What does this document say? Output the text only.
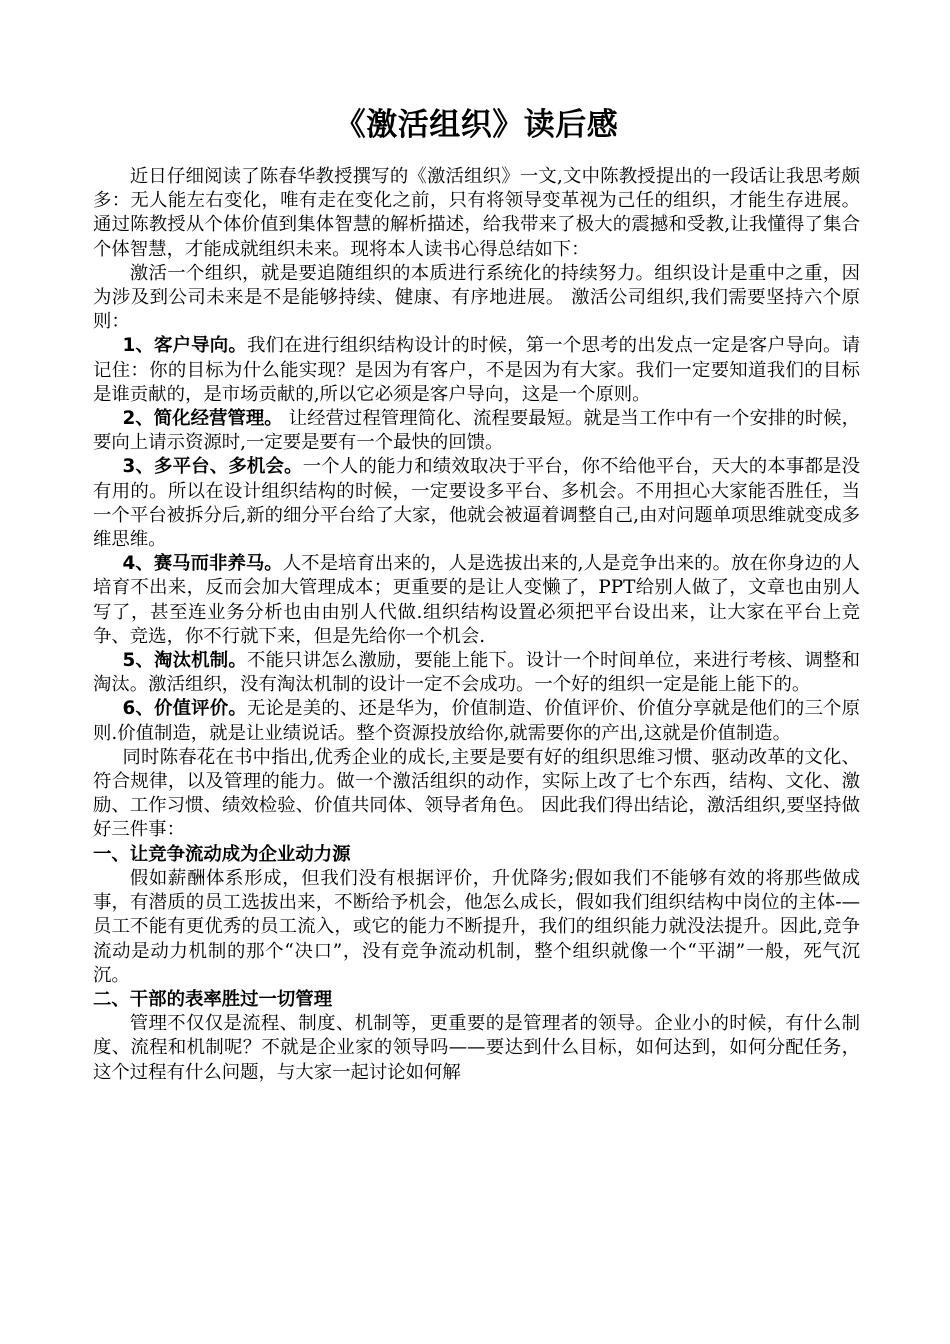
《激活组织》读后感

近日仔细阅读了陈春华教授撰写的《激活组织》一文,文中陈教授提出的一段话让我思考颇多：无人能左右变化，唯有走在变化之前，只有将领导变革视为己任的组织，才能生存进展。通过陈教授从个体价值到集体智慧的解析描述，给我带来了极大的震撼和受教,让我懂得了集合个体智慧，才能成就组织未来。现将本人读书心得总结如下：

激活一个组织，就是要追随组织的本质进行系统化的持续努力。组织设计是重中之重，因为涉及到公司未来是不是能够持续、健康、有序地进展。 激活公司组织,我们需要坚持六个原则：

1、客户导向。我们在进行组织结构设计的时候，第一个思考的出发点一定是客户导向。请记住：你的目标为什么能实现？是因为有客户，不是因为有大家。我们一定要知道我们的目标是谁贡献的，是市场贡献的,所以它必须是客户导向，这是一个原则。

2、简化经营管理。 让经营过程管理简化、流程要最短。就是当工作中有一个安排的时候，要向上请示资源时,一定要是要有一个最快的回馈。

3、多平台、多机会。一个人的能力和绩效取决于平台，你不给他平台，天大的本事都是没有用的。所以在设计组织结构的时候，一定要设多平台、多机会。不用担心大家能否胜任，当一个平台被拆分后,新的细分平台给了大家，他就会被逼着调整自己,由对问题单项思维就变成多维思维。

4、赛马而非养马。人不是培育出来的，人是选拔出来的,人是竞争出来的。放在你身边的人培育不出来，反而会加大管理成本；更重要的是让人变懒了，PPT给别人做了，文章也由别人写了，甚至连业务分析也由由别人代做.组织结构设置必须把平台设出来，让大家在平台上竞争、竞选，你不行就下来，但是先给你一个机会.

5、淘汰机制。不能只讲怎么激励，要能上能下。设计一个时间单位，来进行考核、调整和淘汰。激活组织，没有淘汰机制的设计一定不会成功。一个好的组织一定是能上能下的。

6、价值评价。无论是美的、还是华为，价值制造、价值评价、价值分享就是他们的三个原则.价值制造，就是让业绩说话。整个资源投放给你,就需要你的产出,这就是价值制造。

同时陈春花在书中指出,优秀企业的成长,主要是要有好的组织思维习惯、驱动改革的文化、符合规律，以及管理的能力。做一个激活组织的动作，实际上改了七个东西，结构、文化、激励、工作习惯、绩效检验、价值共同体、领导者角色。 因此我们得出结论，激活组织,要坚持做好三件事：

一、让竞争流动成为企业动力源

假如薪酬体系形成，但我们没有根据评价，升优降劣;假如我们不能够有效的将那些做成事，有潜质的员工选拔出来，不断给予机会，他怎么成长，假如我们组织结构中岗位的主体-—员工不能有更优秀的员工流入，或它的能力不断提升，我们的组织能力就没法提升。因此,竞争流动是动力机制的那个“决口”，没有竞争流动机制，整个组织就像一个“平湖”一般，死气沉沉。

二、干部的表率胜过一切管理

管理不仅仅是流程、制度、机制等，更重要的是管理者的领导。企业小的时候，有什么制度、流程和机制呢？不就是企业家的领导吗——要达到什么目标，如何达到，如何分配任务，这个过程有什么问题，与大家一起讨论如何解
